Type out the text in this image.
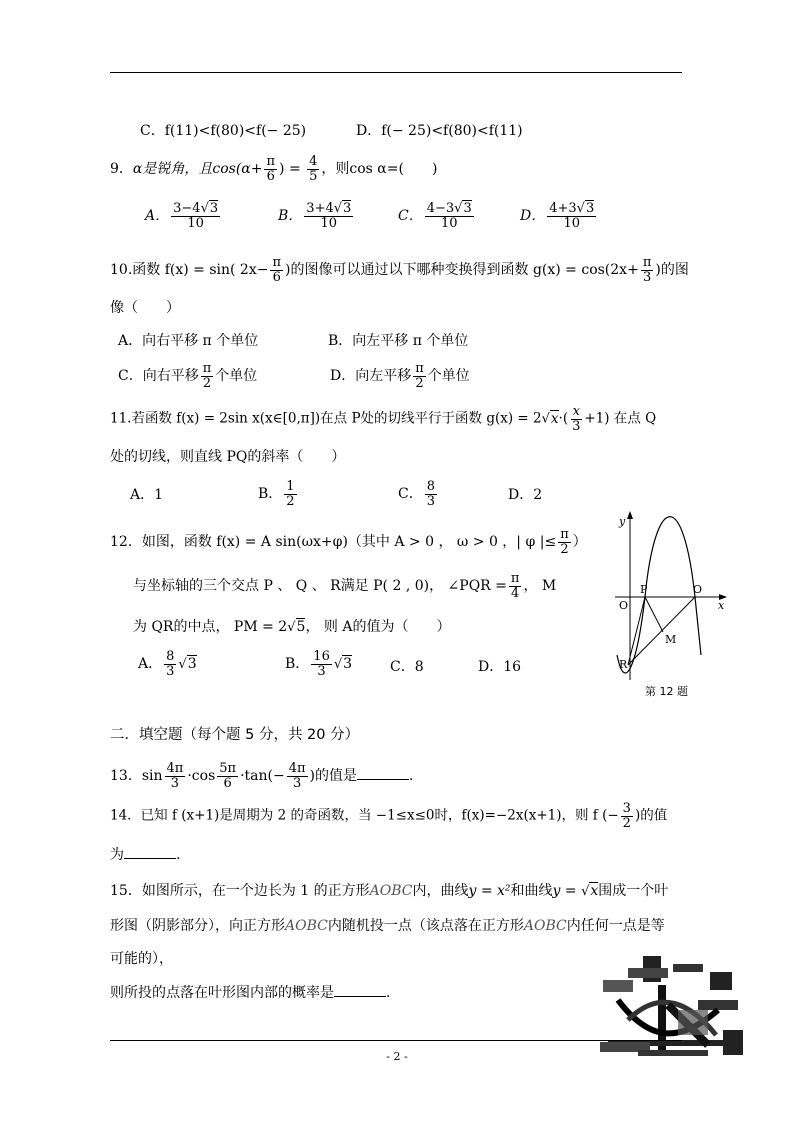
C．f(11)<f(80)<f(− 25)	D．f(− 25)<f(80)<f(11)
9．α是锐角，且$\cos(\alpha+ \frac{\pi}{6}$ ) = $\frac{4}{5}$ ，则cos α=(　　)
A． $\frac{3-4√3}{10}$	B． $\frac{3+4√3}{10}$	C． $\frac{4-3√3}{10}$	D． $\frac{4+3√3}{10}$
10.函数 f(x) = sin( $2x- \frac{\pi}{6}$ )的图像可以通过以下哪种变换得到函数 $g(x) = \cos(2x+ \frac{\pi}{3}$ )的图
像（　　）
A．向右平移 π 个单位	B．向左平移 π 个单位
C．向右平移 $\frac{\pi}{2}$ 个单位	D．向左平移 $\frac{\pi}{2}$ 个单位
11.若函数 f(x) = 2sin x(x∈[0,π])在点 P处的切线平行于函数 $g(x) = 2√x\cdot( \frac{x}{3} +1)$ 在点 Q
处的切线，则直线 PQ的斜率（　　）
A．1	B． $\frac{1}{2}$	C． $\frac{8}{3}$	D．2
12．如图，函数 f(x) = A sin(ωx+φ)（其中 A > 0 ， ω > 0 ，| φ |≤ $\frac{\pi}{2}$ ）
与坐标轴的三个交点 P 、 Q 、 R满足 P( 2 , 0)， ∠PQR = $\frac{\pi}{4}$ ， M
为 QR的中点， PM = 2√5， 则 A的值为（　　）
A． $\frac{8}{3} √3$	B． $\frac{16}{3} √3$	C．8	D．16
y
x
O
P	O
M
R
第 12 题
二．填空题（每个题 5 分，共 20 分）
13．$\sin \frac{4\pi}{3} \cdot\cos \frac{5\pi}{6} \cdot\tan(- \frac{4\pi}{3}$ )的值是	.
14．已知 f (x+1)是周期为 2 的奇函数，当 −1≤x≤0时，f(x)=−2x(x+1)，则 f (− $\frac{3}{2}$ )的值
为	.
15．如图所示，在一个边长为 1 的正方形AOBC内，曲线y = x²和曲线y = √x围成一个叶
形图（阴影部分），向正方形AOBC内随机投一点（该点落在正方形AOBC内任何一点是等
可能的），
则所投的点落在叶形图内部的概率是	.
- 2 -
